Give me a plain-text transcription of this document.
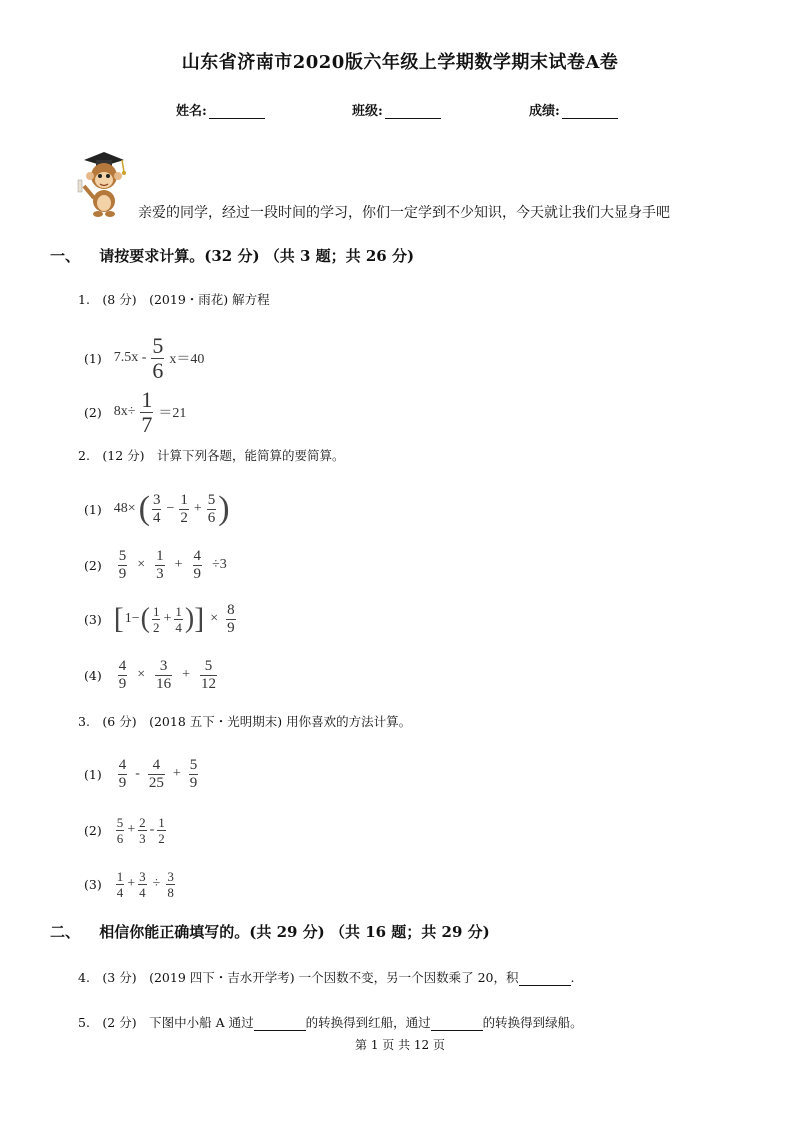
山东省济南市2020版六年级上学期数学期末试卷A卷
姓名:	班级:	成绩:
亲爱的同学，经过一段时间的学习，你们一定学到不少知识，今天就让我们大显身手吧
一、 请按要求计算。(32 分) （共 3 题；共 26 分)
1.　(8 分)　(2019・雨花) 解方程
(1) $7.5x - \frac{5}{6} x=40$
(2) $8x\div \frac{1}{7} =21$
2.　(12 分)　计算下列各题，能简算的要简算。
(1) 48× ( $\frac{3}{4} - \frac{1}{2} + \frac{5}{6}$ )
$(2) \frac{5}{9} \times \frac{1}{3} + \frac{4}{9} \div 3$
(3) [ 1− ( $\frac{1}{2} + \frac{1}{4}$ ) ] × $\frac{8}{9}$
$(4) \frac{4}{9} \times \frac{3}{16} + \frac{5}{12}$
3.　(6 分)　(2018 五下・光明期末) 用你喜欢的方法计算。
$(1) \frac{4}{9} - \frac{4}{25} + \frac{5}{9}$
$(2) \frac{5}{6} + \frac{2}{3} - \frac{1}{2}$
$(3) \frac{1}{4} + \frac{3}{4} \div \frac{3}{8}$
二、 相信你能正确填写的。(共 29 分) （共 16 题；共 29 分)
4.　(3 分)　(2019 四下・吉水开学考) 一个因数不变，另一个因数乘了 20，积	.
5.　(2 分)　下图中小船 A 通过	的转换得到红船，通过	的转换得到绿船。
第 1 页 共 12 页
